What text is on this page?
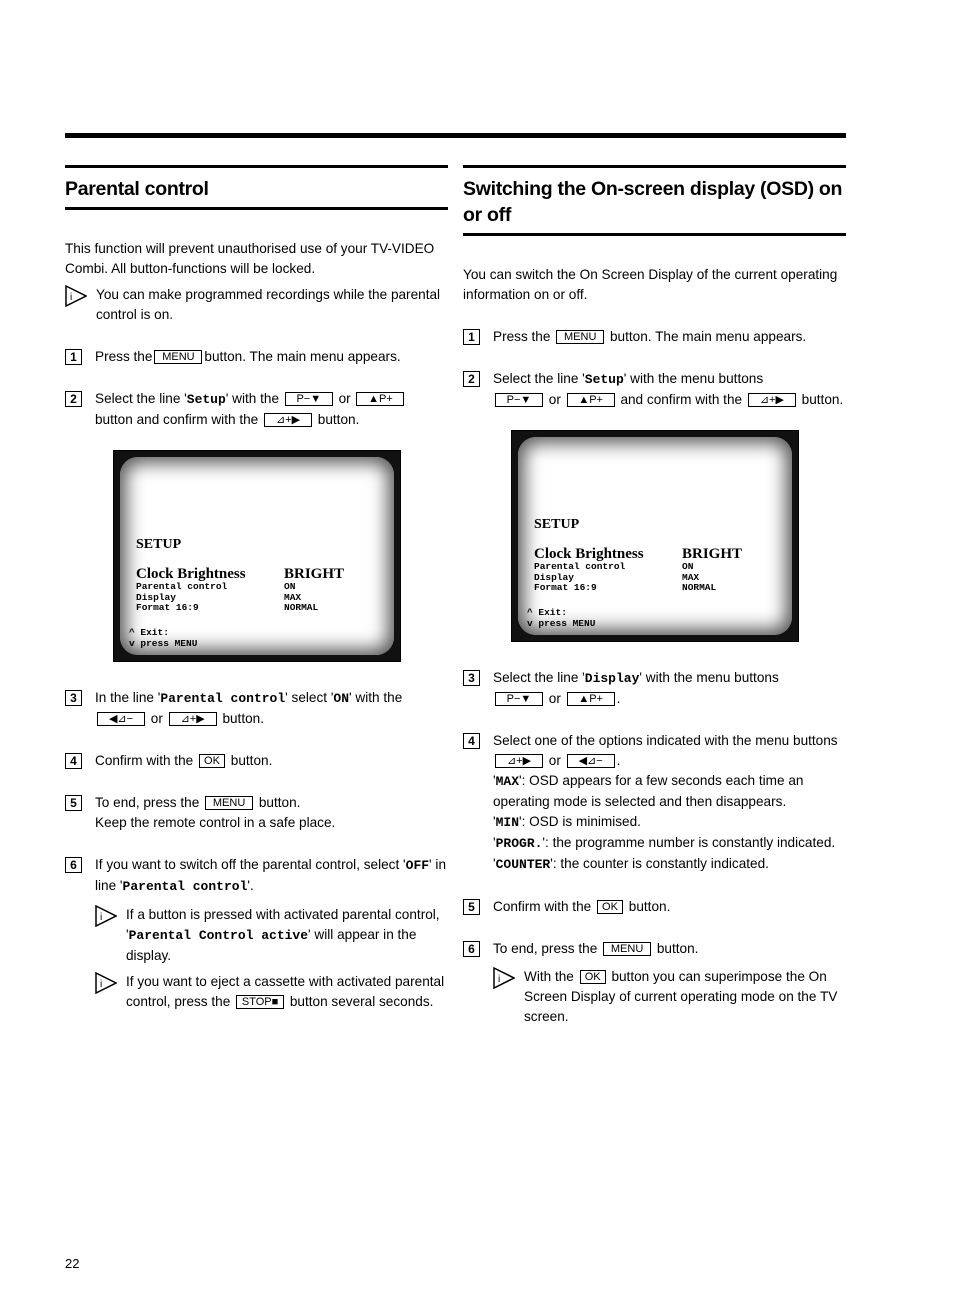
Parental control

This function will prevent unauthorised use of your TV-VIDEO Combi. All button-functions will be locked.

i You can make programmed recordings while the parental control is on.
1	Press the MENU button. The main menu appears.
2	Select the line 'Setup' with the P−▼ or ▲P+ button and confirm with the ⊿+▶ button.
SETUP
Clock Brightness	BRIGHT
Parental control	ON
Display	MAX
Format 16:9	NORMAL
^ Exit:
v press MENU
3	In the line 'Parental control' select 'ON' with the ◀⊿− or ⊿+▶ button.
4	Confirm with the OK button.
5	To end, press the MENU button.
Keep the remote control in a safe place.
6	If you want to switch off the parental control, select 'OFF' in line 'Parental control'.
i If a button is pressed with activated parental control, 'Parental Control active' will appear in the display.
i If you want to eject a cassette with activated parental control, press the STOP■ button several seconds.
Switching the On-screen display (OSD) on or off

You can switch the On Screen Display of the current operating information on or off.

1	Press the MENU button. The main menu appears.
2	Select the line 'Setup' with the menu buttons
P−▼ or ▲P+ and confirm with the ⊿+▶ button.
SETUP
Clock Brightness	BRIGHT
Parental control	ON
Display	MAX
Format 16:9	NORMAL
^ Exit:
v press MENU
3	Select the line 'Display' with the menu buttons
P−▼ or ▲P+ .
4	Select one of the options indicated with the menu buttons
⊿+▶ or ◀⊿− .
'MAX': OSD appears for a few seconds each time an operating mode is selected and then disappears.
'MIN': OSD is minimised.
'PROGR.': the programme number is constantly indicated.
'COUNTER': the counter is constantly indicated.
5	Confirm with the OK button.
6	To end, press the MENU button.
i With the OK button you can superimpose the On Screen Display of current operating mode on the TV screen.
22
